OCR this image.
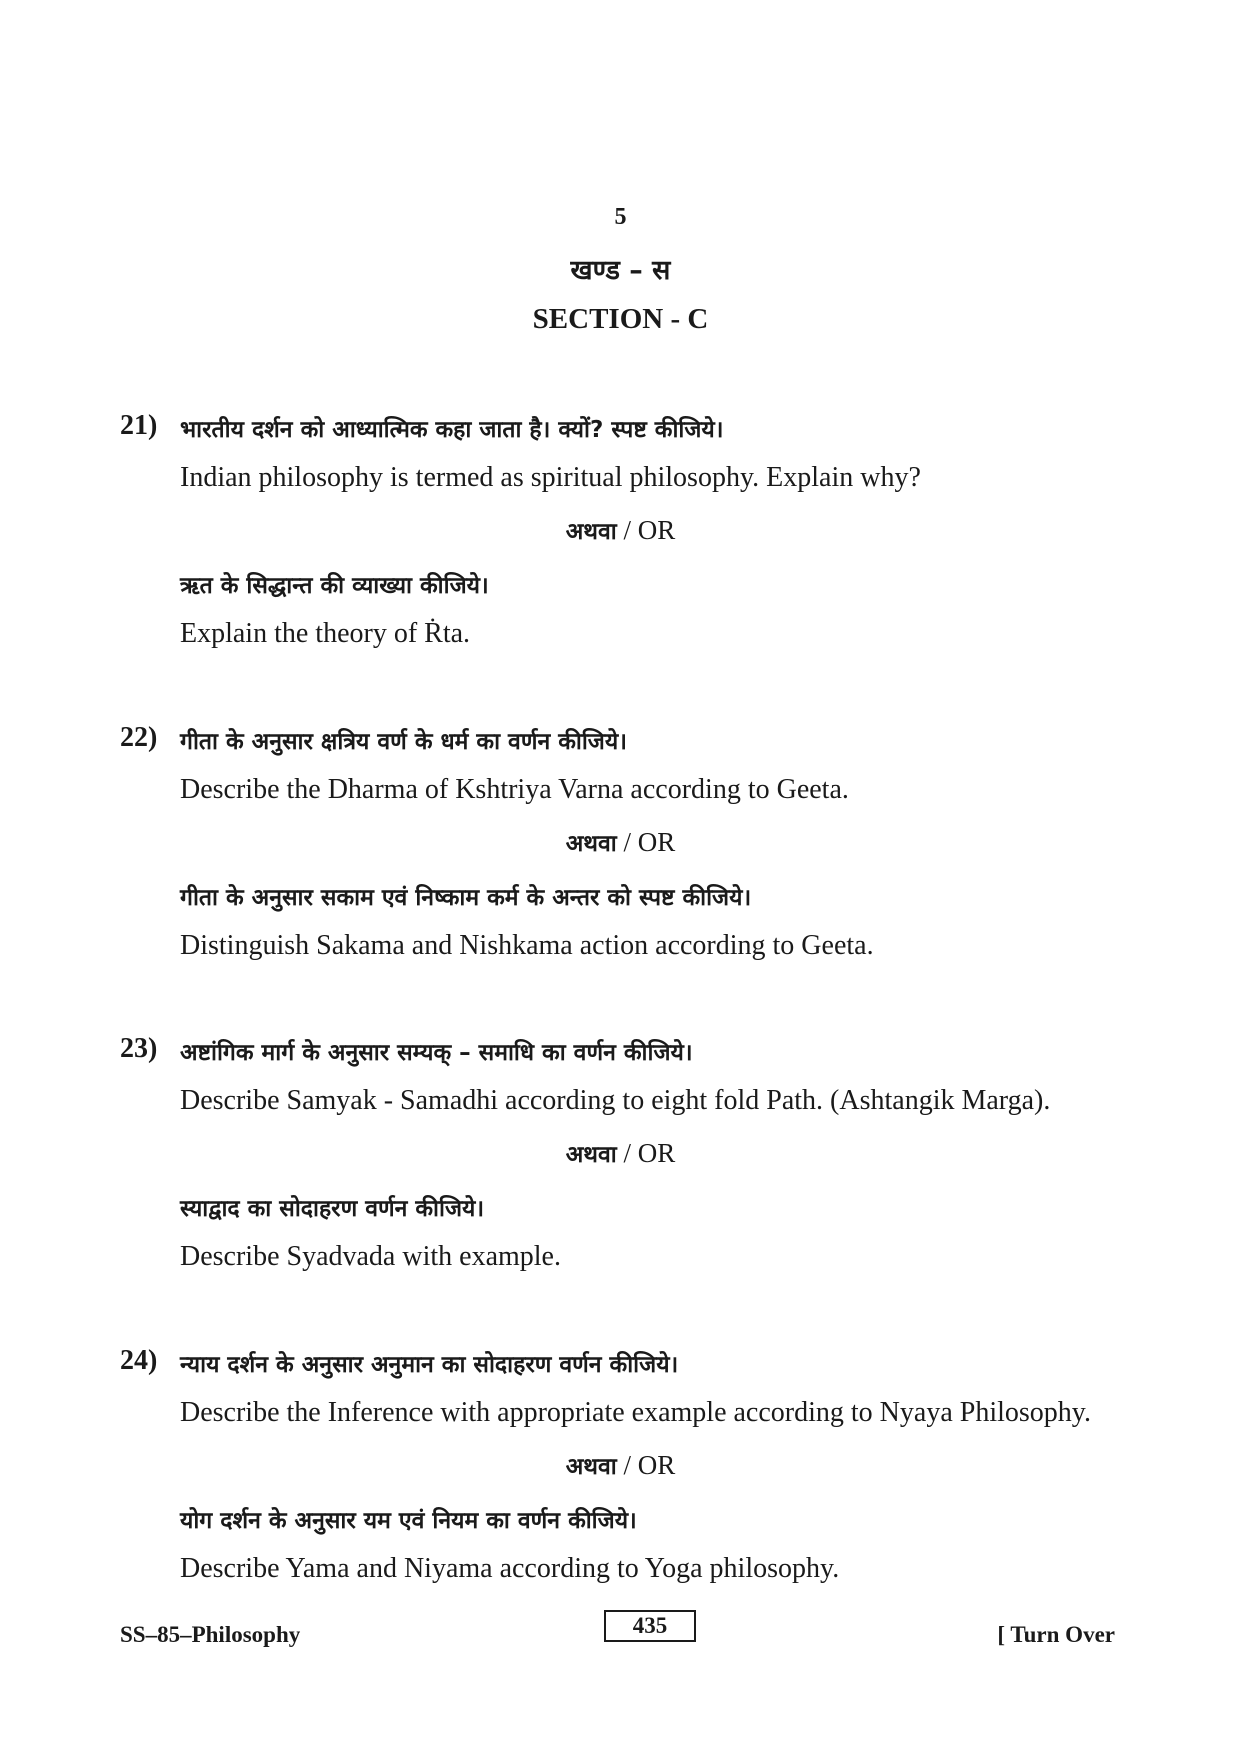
5
खण्ड – स
SECTION - C
21) भारतीय दर्शन को आध्यात्मिक कहा जाता है। क्यों? स्पष्ट कीजिये।
Indian philosophy is termed as spiritual philosophy. Explain why?
अथवा / OR
ऋत के सिद्धान्त की व्याख्या कीजिये।
Explain the theory of Ṙta.
22) गीता के अनुसार क्षत्रिय वर्ण के धर्म का वर्णन कीजिये।
Describe the Dharma of Kshtriya Varna according to Geeta.
अथवा / OR
गीता के अनुसार सकाम एवं निष्काम कर्म के अन्तर को स्पष्ट कीजिये।
Distinguish Sakama and Nishkama action according to Geeta.
23) अष्टांगिक मार्ग के अनुसार सम्यक् – समाधि का वर्णन कीजिये।
Describe Samyak - Samadhi according to eight fold Path. (Ashtangik Marga).
अथवा / OR
स्याद्वाद का सोदाहरण वर्णन कीजिये।
Describe Syadvada with example.
24) न्याय दर्शन के अनुसार अनुमान का सोदाहरण वर्णन कीजिये।
Describe the Inference with appropriate example according to Nyaya Philosophy.
अथवा / OR
योग दर्शन के अनुसार यम एवं नियम का वर्णन कीजिये।
Describe Yama and Niyama according to Yoga philosophy.
SS–85–Philosophy	435	[ Turn Over
